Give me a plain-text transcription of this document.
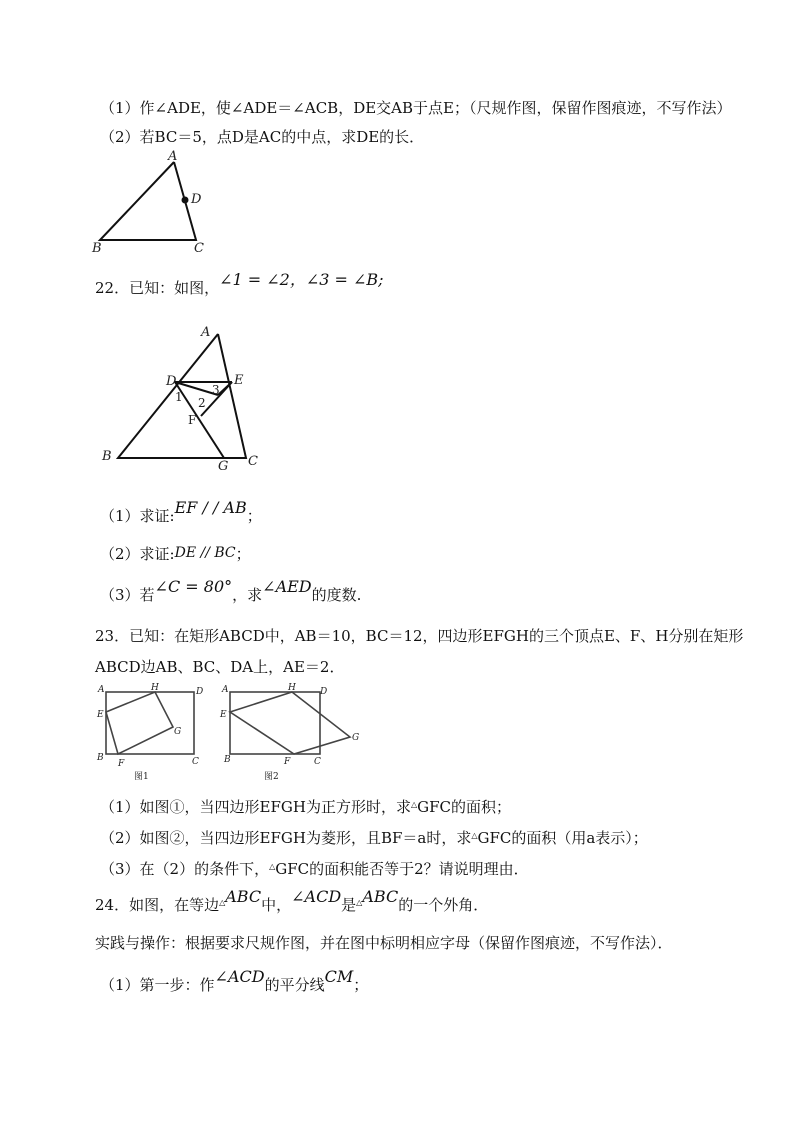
（1）作∠ADE，使∠ADE＝∠ACB，DE交AB于点E；（尺规作图，保留作图痕迹，不写作法）
（2）若BC＝5，点D是AC的中点，求DE的长．
A
D
B	C
22．已知：如图，∠1 = ∠2，∠3 = ∠B;
A
D	E
F
B
G C
1 2
3
（1）求证:EF / / AB；
（2）求证:DE // BC；
（3）若∠C = 80°，求∠AED的度数.
23．已知：在矩形ABCD中，AB＝10，BC＝12，四边形EFGH的三个顶点E、F、H分别在矩形
ABCD边AB、BC、DA上，AE＝2．
A	H	D
E
G
B
F	C
图1
A	H	D
E
G
B	F	C
图2
（1）如图①，当四边形EFGH为正方形时，求△GFC的面积；
（2）如图②，当四边形EFGH为菱形，且BF＝a时，求△GFC的面积（用a表示）；
（3）在（2）的条件下，△GFC的面积能否等于2？请说明理由．
24．如图，在等边△ABC中，∠ACD是△ABC的一个外角．
实践与操作：根据要求尺规作图，并在图中标明相应字母（保留作图痕迹，不写作法）．
（1）第一步：作∠ACD的平分线CM；
